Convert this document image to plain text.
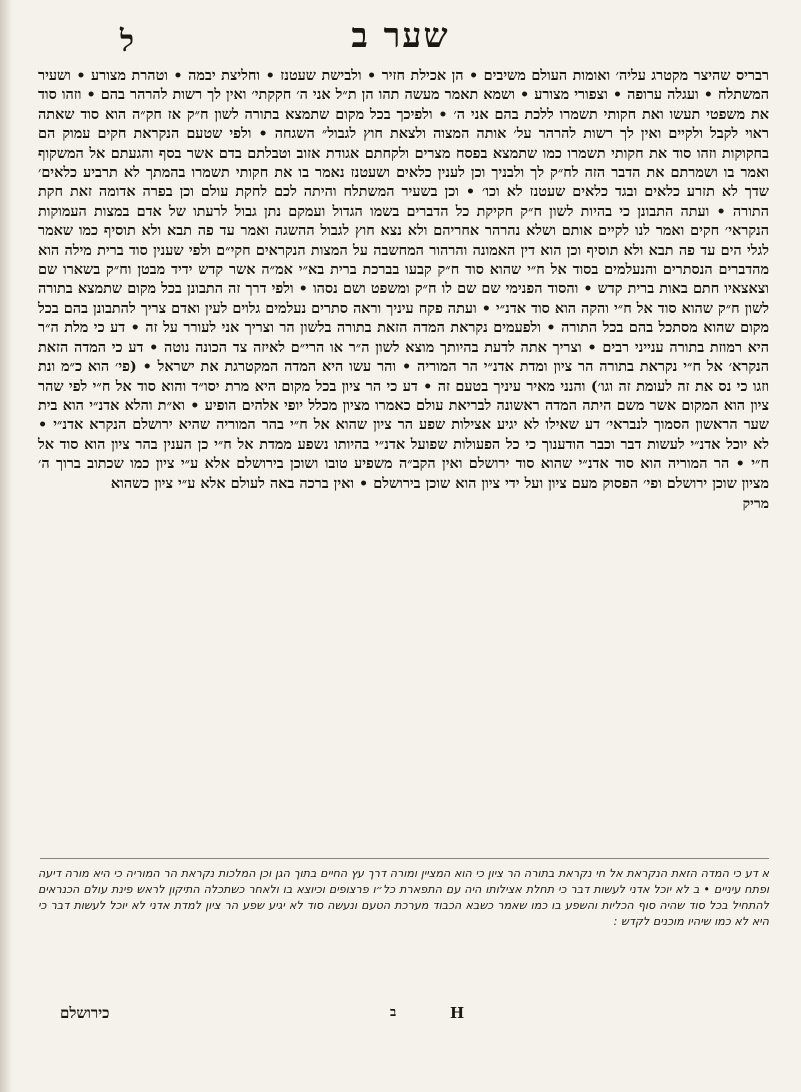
ל	שער ב

רבריס שהיצר מקטרג עליה׳ ואומות העולם משיבים • הן אכילת חזיר • ולבישת שעטנז • וחליצת יבמה • וטהרת מצורע • ושעיר המשתלח • ועגלה ערופה • וצפורי מצורע • ושמא תאמר מעשה תהו הן ת״ל אני ה׳ חקקתי׳ ואין לך רשות להרהר בהם • וזהו סוד את משפטי תעשו ואת חקותי תשמרו ללכת בהם אני ה׳ • ולפיכך בכל מקום שתמצא בתורה לשון ח״ק אז חק״ה הוא סוד שאתה ראוי לקבל ולקיים ואין לך רשות להרהר על׳ אותה המצוה ולצאת חוץ לגבול״ השגחה • ולפי שטעם הנקראת חקים עמוק הם בחקוקות וזהו סוד את חקותי תשמרו כמו שתמצא בפסח מצרים ולקחתם אגודת אזוב וטבלתם בדם אשר בסף והגעתם אל המשקוף ואמר בו ושמרתם את הדבר הזה לח״ק לך ולבניך וכן לענין כלאים ושעטנז נאמר בו את חקותי תשמרו בהמתך לא תרביע כלאים׳ שדך לא תזרע כלאים ובגד כלאים שעטנז לא וכו׳ • וכן בשעיר המשתלח והיתה לכם לחקת עולם וכן בפרה אדומה זאת חקת התורה • ועתה התבונן כי בהיות לשון ח״ק חקיקת כל הדברים בשמו הגדול ועמקם נתן גבול לרעתו של אדם במצות העמוקות הנקראי׳ חקים ואמר לנו לקיים אותם ושלא נהרהר אחריהם ולא נצא חוץ לגבול ההשגה ואמר עד פה תבא ולא תוסיף כמו שאמר לגלי הים עד פה תבא ולא תוסיף וכן הוא דין האמונה והרהור המחשבה על המצות הנקראים חקי״ם ולפי שענין סוד ברית מילה הוא מהדברים הנסתרים והנעלמים בסוד אל ח״י שהוא סוד ח״ק קבעו בברכת ברית בא״י אמ״ה אשר קדש ידיד מבטן וח״ק בשארו שם וצאצאיו חתם באות ברית קדש • והסוד הפנימי שם שם לו ח״ק ומשפט ושם נסהו • ולפי דרך זה התבונן בכל מקום שתמצא בתורה לשון ח״ק שהוא סוד אל ח״י והקה הוא סוד אדנ״י • ועתה פקח עיניך וראה סתרים נעלמים גלוים לעין ואדם צריך להתבונן בהם בכל מקום שהוא מסתכל בהם בכל התורה • ולפעמים נקראת המדה הזאת בתורה בלשון הר וצריך אני לעורר על זה • דע כי מלת ה״ר היא רמוזת בתורה ענייני רבים • וצריך אתה לדעת בהיותך מוצא לשון ה״ר או הרי״ם לאיזה צד הכונה נוטה • דע כי המדה הזאת הנקרא׳ אל ח״י נקראת בתורה הר ציון ומדת אדנ״י הר המוריה • והר עשו היא המדה המקטרגת את ישראל • (פי׳ הוא כ״מ ונת וזגו כי נס את זה לעומת זה וגו׳) והנני מאיר עיניך בטעם זה • דע כי הר ציון בכל מקום היא מרת יסו״ד והוא סוד אל ח״י לפי שהר ציון הוא המקום אשר משם היתה המדה ראשונה לבריאת עולם כאמרו מציון מכלל יופי אלהים הופיע • וא״ת והלא אדנ״י הוא בית שער הראשון הסמוך לנבראי׳ דע שאילו לא יגיע אצילות שפע הר ציון שהוא אל ח״י בהר המוריה שהיא ירושלם הנקרא אדנ״י • לא יוכל אדנ״י לעשות דבר וכבר הודענוך כי כל הפעולות שפועל אדנ״י בהיותו נשפע ממדת אל ח״י כן הענין בהר ציון הוא סוד אל ח״י • הר המוריה הוא סוד אדנ״י שהוא סוד ירושלם ואין הקב״ה משפיע טובו ושוכן בירושלם אלא ע״י ציון כמו שכתוב ברוך ה׳ מציון שוכן ירושלם ופי׳ הפסוק מעם ציון ועל ידי ציון הוא שוכן בירושלם • ואין ברכה באה לעולם אלא ע״י ציון כשהוא

מריק

א דע כי המדה הזאת הנקראת אל חי נקראת בתורה הר ציון כי הוא המציין ומורה דרך עץ החיים בתוך הגן וכן המלכות נקראת הר המוריה כי היא מורה דיעה ופתח עיניים • ב לא יוכל אדני לעשות דבר כי תחלת אצילותו היה עם התפארת כל״ו פרצופים וכיוצא בו ולאחר כשתכלה התיקון לראש פינת עולם הכנראים להתחיל בכל סוד שהיה סוף הכליות והשפע בו כמו שאמר כשבא הכבוד מערכת הטעם ונעשה סוד לא יגיע שפע הר ציון למדת אדני לא יוכל לעשות דבר כי היא לא כמו שיהיו מוכנים לקדש :

כירושלם	ב	H
